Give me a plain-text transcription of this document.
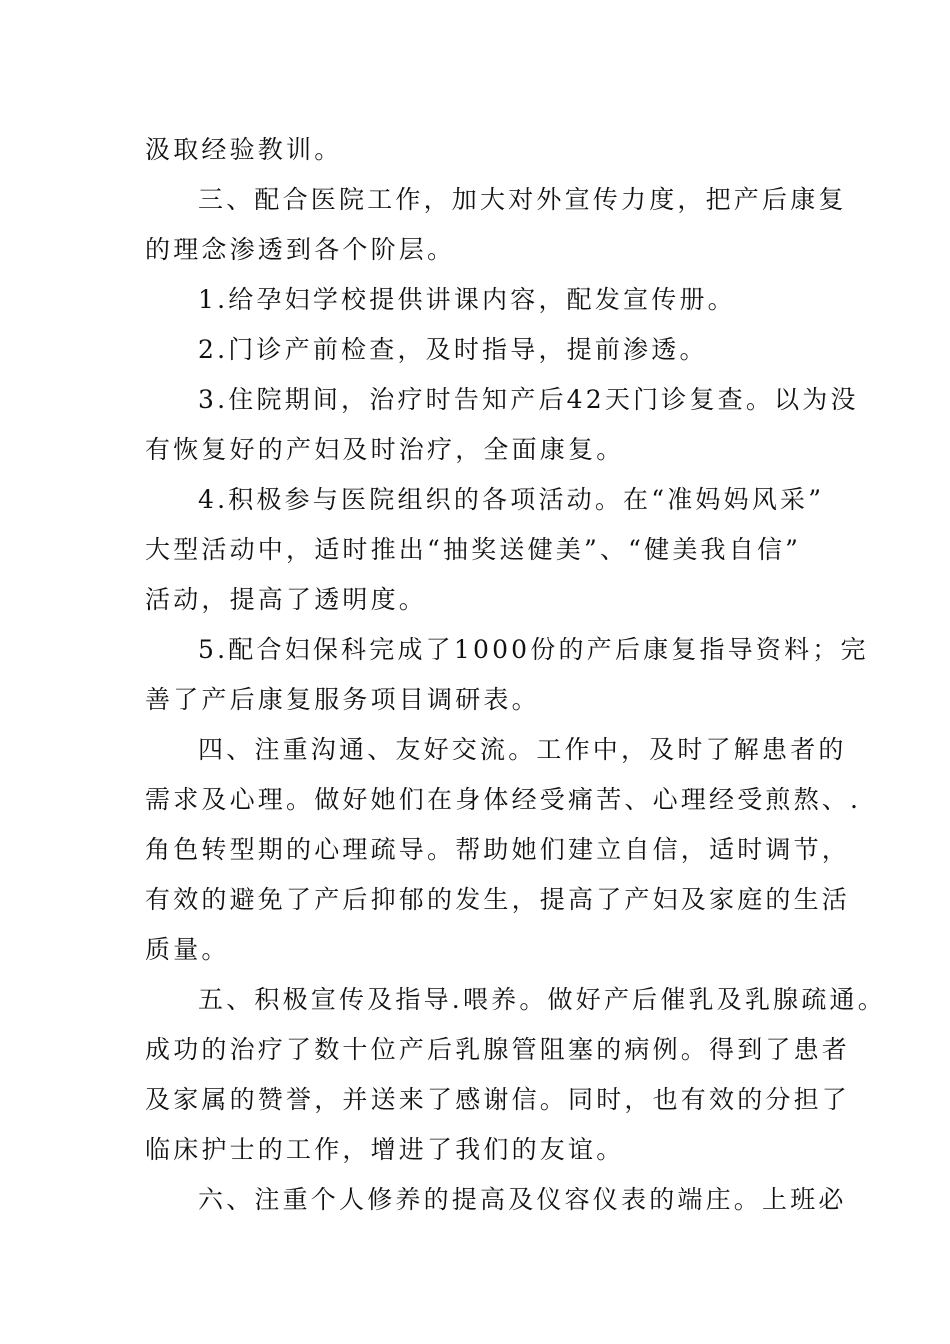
汲取经验教训。
三、配合医院工作，加大对外宣传力度，把产后康复
的理念渗透到各个阶层。
1.给孕妇学校提供讲课内容，配发宣传册。
2.门诊产前检查，及时指导，提前渗透。
3.住院期间，治疗时告知产后42天门诊复查。以为没
有恢复好的产妇及时治疗，全面康复。
4.积极参与医院组织的各项活动。在“准妈妈风采”
大型活动中，适时推出“抽奖送健美”、“健美我自信”
活动，提高了透明度。
5.配合妇保科完成了1000份的产后康复指导资料；完
善了产后康复服务项目调研表。
四、注重沟通、友好交流。工作中，及时了解患者的
需求及心理。做好她们在身体经受痛苦、心理经受煎熬、.
角色转型期的心理疏导。帮助她们建立自信，适时调节，
有效的避免了产后抑郁的发生，提高了产妇及家庭的生活
质量。
五、积极宣传及指导.喂养。做好产后催乳及乳腺疏通。
成功的治疗了数十位产后乳腺管阻塞的病例。得到了患者
及家属的赞誉，并送来了感谢信。同时，也有效的分担了
临床护士的工作，增进了我们的友谊。
六、注重个人修养的提高及仪容仪表的端庄。上班必
